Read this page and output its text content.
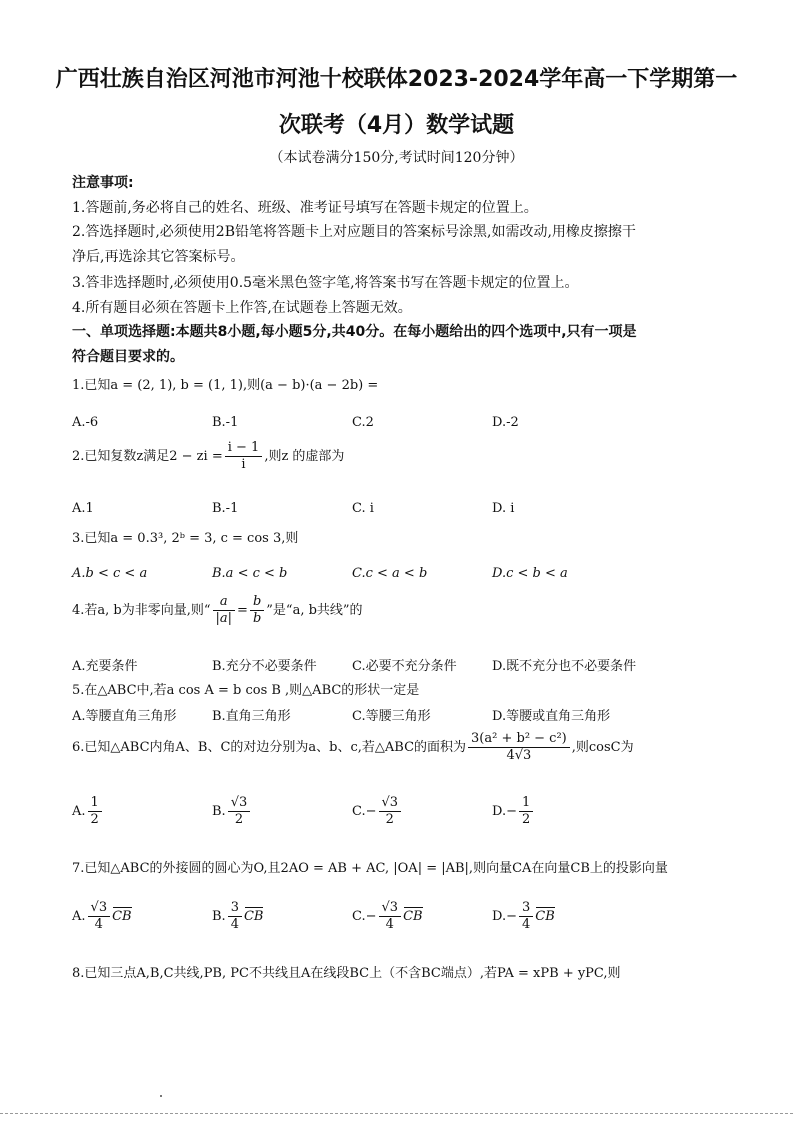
广西壮族自治区河池市河池十校联体2023-2024学年高一下学期第一
次联考（4月）数学试题
（本试卷满分150分,考试时间120分钟）
注意事项:
1.答题前,务必将自己的姓名、班级、准考证号填写在答题卡规定的位置上。
2.答选择题时,必须使用2B铅笔将答题卡上对应题目的答案标号涂黑,如需改动,用橡皮擦擦干
净后,再选涂其它答案标号。
3.答非选择题时,必须使用0.5毫米黑色签字笔,将答案书写在答题卡规定的位置上。
4.所有题目必须在答题卡上作答,在试题卷上答题无效。
一、单项选择题:本题共8小题,每小题5分,共40分。在每小题给出的四个选项中,只有一项是
符合题目要求的。
1.已知a = (2, 1), b = (1, 1),则(a − b)·(a − 2b) =
A.-6	B.-1	C.2	D.-2
2.已知复数z满足2 − zi = $\frac{i - 1}{i}$ ,则z 的虚部为
A.1	B.-1	C. i	D. i
3.已知a = 0.3³, 2ᵇ = 3, c = cos 3,则
A.b < c < a	B.a < c < b	C.c < a < b	D.c < b < a
4.若a, b为非零向量,则“ $\frac{a}{|a|} = \frac{b}{b}$ ”是“a, b共线”的
A.充要条件	B.充分不必要条件	C.必要不充分条件	D.既不充分也不必要条件
5.在△ABC中,若a cos A = b cos B ,则△ABC的形状一定是
A.等腰直角三角形	B.直角三角形	C.等腰三角形	D.等腰或直角三角形
6.已知△ABC内角A、B、C的对边分别为a、b、c,若△ABC的面积为 $\frac{\text{3(a² + b² − c²)}}{4√3}$ ,则cosC为
A. $\frac{1}{2}$	B. $\frac{√3}{2}$	$C.- \frac{√3}{2}$	$D.- \frac{1}{2}$
7.已知△ABC的外接圆的圆心为O,且2AO = AB + AC, |OA| = |AB|,则向量CA在向量CB上的投影向量
A. $\frac{√3}{4}$ CB	B. $\frac{3}{4}$ CB	$C.- \frac{√3}{4}$ CB	$D.- \frac{3}{4}$ CB
8.已知三点A,B,C共线,PB, PC不共线且A在线段BC上（不含BC端点）,若PA = xPB + yPC,则
